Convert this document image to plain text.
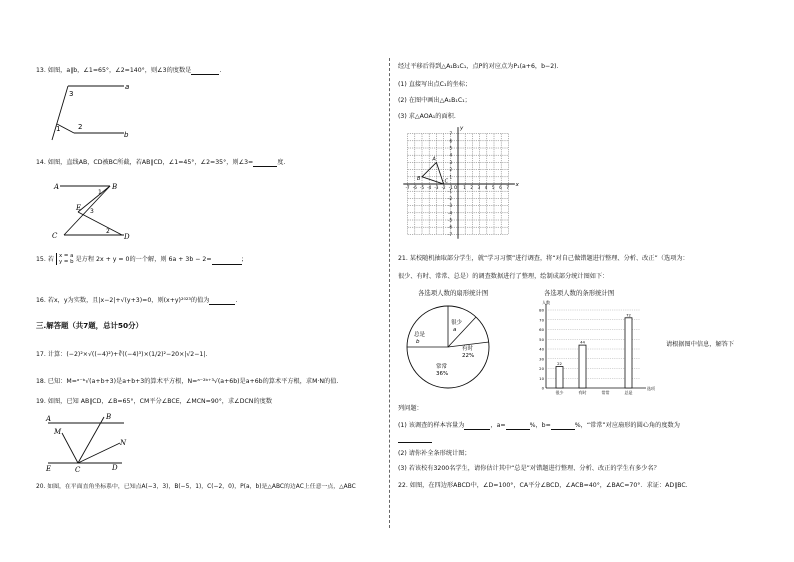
13. 如图，a∥b，∠1=65°，∠2=140°，则∠3的度数是	.
3
a
1	2
b
14. 如图，直线AB，CD被BC所截，若AB∥CD，∠1=45°，∠2=35°，则∠3=	度.
A	B
C	D
E
1
2
3
15. 若 x = a
y = b 是方程 2x + y = 0的一个解，则 6a + 3b − 2=	;
16. 若x，y为实数，且|x−2|+√(y+3)=0，则(x+y)²⁰²³的值为	.
三.解答题（共7题，总计50分）
17. 计算：(−2)²×√((−4)²)+∛((−4)³)×(1/2)²−20×|√2−1|.
18. 已知：M=ᵃ⁻ᵇ√(a+b+3)是a+b+3的算术平方根，N=ᵃ⁻²ᵇ⁺³√(a+6b)是a+6b的算术平方根，求M·N的值.
19. 如图，已知 AB∥CD，∠B=65°，CM平分∠BCE，∠MCN=90°，求∠DCN的度数
A	B
M
N
E	C	D
20. 如图，在平面直角坐标系中，已知点A(−3，3)，B(−5，1)，C(−2，0)，P(a，b)是△ABC的边AC上任意一点，△ABC
经过平移后得到△A₁B₁C₁，点P的对应点为P₁(a+6，b−2).
(1) 直接写出点C₁的坐标；
(2) 在图中画出△A₁B₁C₁；
(3) 求△AOA₁的面积.
x
y
O
-7 -6 -5 -4 -3 -2 -1	1 2 3 4 5 6 7
7
6
5
4
3
2
1
-1
-2
-3
-4
-5
-6
-7
A
B	C
21. 某校随机抽取部分学生，就“学习习惯”进行调查，将“对自己做错题进行整理、分析、改正”（选项为：
很少、有时、常常、总是）的调查数据进行了整理，绘制成部分统计图如下：
各选项人数的扇形统计图	各选项人数的条形统计图
很少
a
有时
22%
总是
b
常常
36%
80
70
60
50
40
30
20
10
0
人数
选项
22
很少
44
有时	常常
72
总是
请根据图中信息，解答下
列问题：
(1) 该调查的样本容量为	，a=	%，b=	%，“常常”对应扇形的圆心角的度数为
(2) 请你补全条形统计图；
(3) 若该校有3200名学生，请你估计其中“总是”对错题进行整理、分析、改正的学生有多少名？
22. 如图，在四边形ABCD中，∠D=100°，CA平分∠BCD，∠ACB=40°，∠BAC=70°．求证：AD∥BC.
